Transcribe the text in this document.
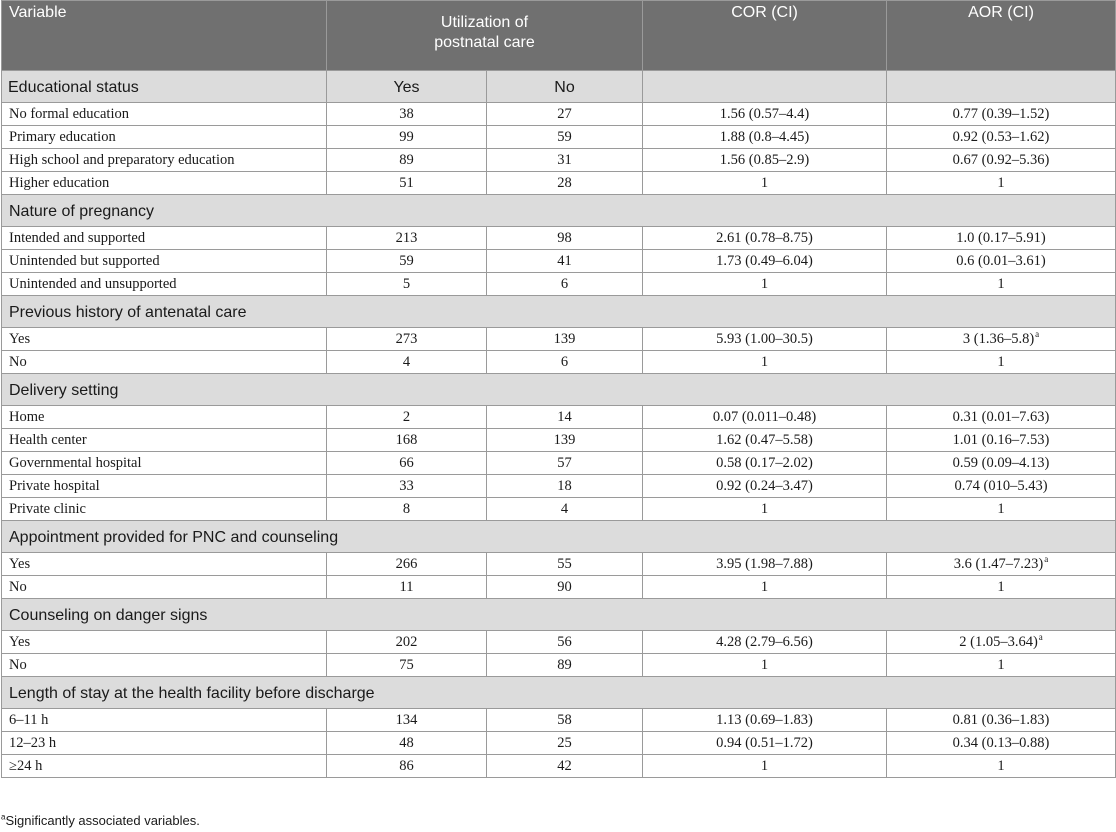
Variable	Utilization of
postnatal care		COR (CI)	AOR (CI)
Educational status	Yes	No		
No formal education	38	27	1.56 (0.57–4.4)	0.77 (0.39–1.52)
Primary education	99	59	1.88 (0.8–4.45)	0.92 (0.53–1.62)
High school and preparatory education	89	31	1.56 (0.85–2.9)	0.67 (0.92–5.36)
Higher education	51	28	1	1
Nature of pregnancy				
Intended and supported	213	98	2.61 (0.78–8.75)	1.0 (0.17–5.91)
Unintended but supported	59	41	1.73 (0.49–6.04)	0.6 (0.01–3.61)
Unintended and unsupported	5	6	1	1
Previous history of antenatal care				
Yes	273	139	5.93 (1.00–30.5)	3 (1.36–5.8)$^a$
No	4	6	1	1
Delivery setting				
Home	2	14	0.07 (0.011–0.48)	0.31 (0.01–7.63)
Health center	168	139	1.62 (0.47–5.58)	1.01 (0.16–7.53)
Governmental hospital	66	57	0.58 (0.17–2.02)	0.59 (0.09–4.13)
Private hospital	33	18	0.92 (0.24–3.47)	0.74 (010–5.43)
Private clinic	8	4	1	1
Appointment provided for PNC and counseling				
Yes	266	55	3.95 (1.98–7.88)	3.6 (1.47–7.23)$^a$
No	11	90	1	1
Counseling on danger signs				
Yes	202	56	4.28 (2.79–6.56)	2 (1.05–3.64)$^a$
No	75	89	1	1
Length of stay at the health facility before discharge				
6–11 h	134	58	1.13 (0.69–1.83)	0.81 (0.36–1.83)
12–23 h	48	25	0.94 (0.51–1.72)	0.34 (0.13–0.88)
≥24 h	86	42	1	1
$^a$Significantly associated variables.
